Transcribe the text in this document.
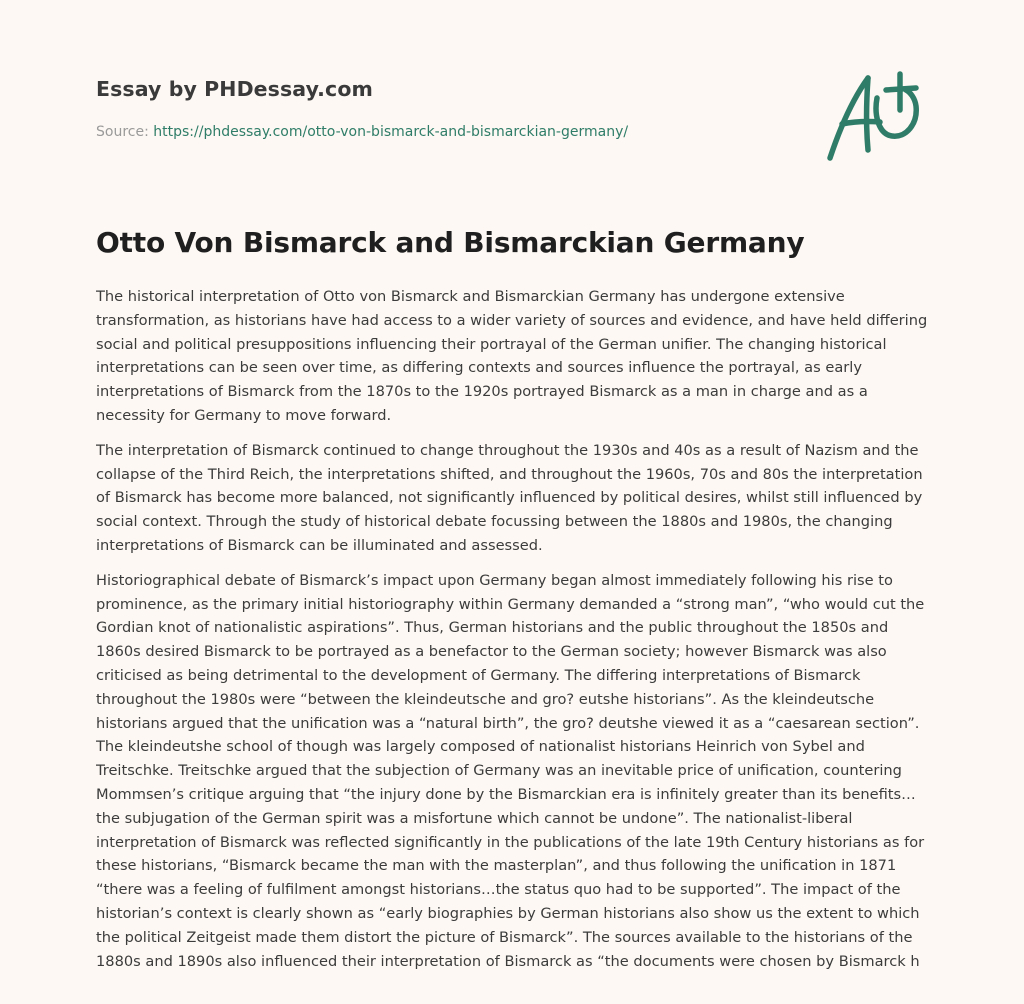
Essay by PHDessay.com
Source: https://phdessay.com/otto-von-bismarck-and-bismarckian-germany/
Otto Von Bismarck and Bismarckian Germany

The historical interpretation of Otto von Bismarck and Bismarckian Germany has undergone extensive transformation, as historians have had access to a wider variety of sources and evidence, and have held differing social and political presuppositions influencing their portrayal of the German unifier. The changing historical interpretations can be seen over time, as differing contexts and sources influence the portrayal, as early interpretations of Bismarck from the 1870s to the 1920s portrayed Bismarck as a man in charge and as a necessity for Germany to move forward.

The interpretation of Bismarck continued to change throughout the 1930s and 40s as a result of Nazism and the collapse of the Third Reich, the interpretations shifted, and throughout the 1960s, 70s and 80s the interpretation of Bismarck has become more balanced, not significantly influenced by political desires, whilst still influenced by social context. Through the study of historical debate focussing between the 1880s and 1980s, the changing interpretations of Bismarck can be illuminated and assessed.

Historiographical debate of Bismarck’s impact upon Germany began almost immediately following his rise to prominence, as the primary initial historiography within Germany demanded a “strong man”, “who would cut the Gordian knot of nationalistic aspirations”. Thus, German historians and the public throughout the 1850s and 1860s desired Bismarck to be portrayed as a benefactor to the German society; however Bismarck was also criticised as being detrimental to the development of Germany. The differing interpretations of Bismarck throughout the 1980s were “between the kleindeutsche and gro? eutshe historians”. As the kleindeutsche historians argued that the unification was a “natural birth”, the gro? deutshe viewed it as a “caesarean section”. The kleindeutshe school of though was largely composed of nationalist historians Heinrich von Sybel and Treitschke. Treitschke argued that the subjection of Germany was an inevitable price of unification, countering Mommsen’s critique arguing that “the injury done by the Bismarckian era is infinitely greater than its benefits… the subjugation of the German spirit was a misfortune which cannot be undone”. The nationalist-liberal interpretation of Bismarck was reflected significantly in the publications of the late 19th Century historians as for these historians, “Bismarck became the man with the masterplan”, and thus following the unification in 1871 “there was a feeling of fulfilment amongst historians…the status quo had to be supported”. The impact of the historian’s context is clearly shown as “early biographies by German historians also show us the extent to which the political Zeitgeist made them distort the picture of Bismarck”. The sources available to the historians of the 1880s and 1890s also influenced their interpretation of Bismarck as “the documents were chosen by Bismarck h
